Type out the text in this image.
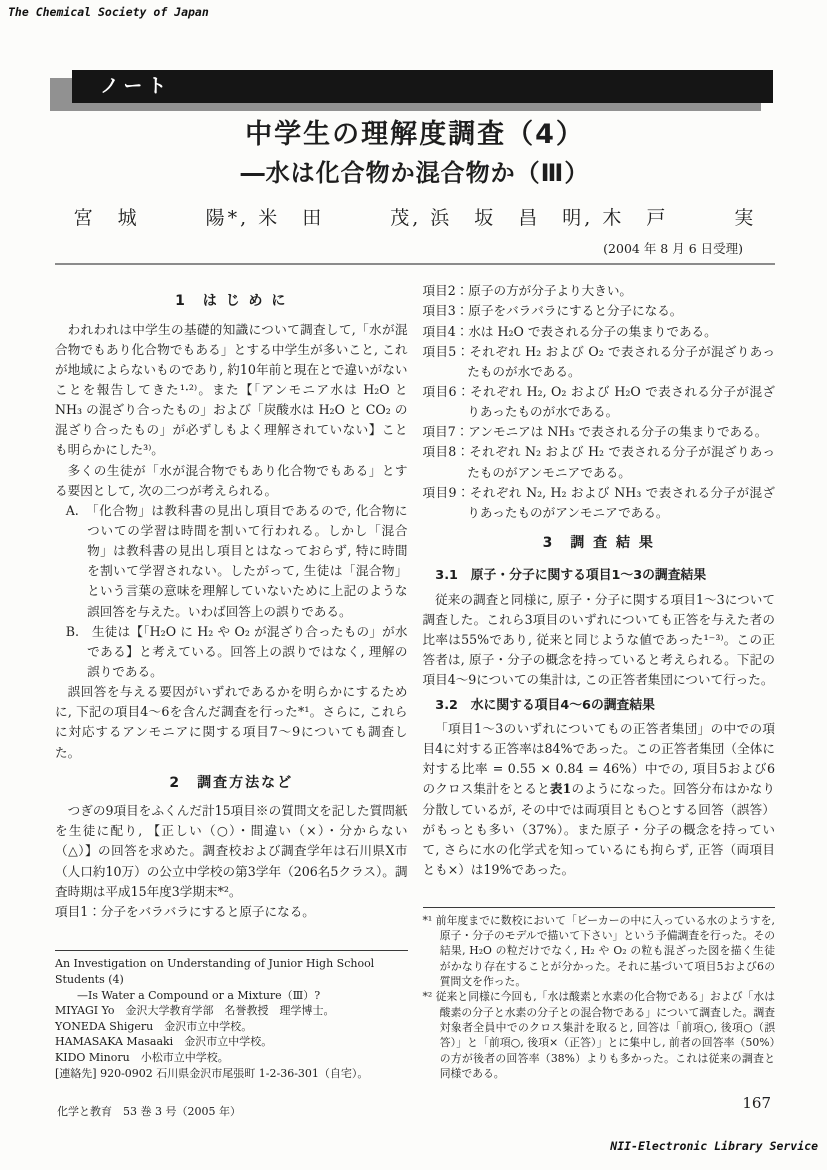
The Chemical Society of Japan
ノート
中学生の理解度調査（4）
―水は化合物か混合物か（Ⅲ）
宮　城　　　陽*, 米　田　　　茂, 浜　坂　昌　明, 木　戸　　　実
(2004 年 8 月 6 日受理)
1　は じ め に

われわれは中学生の基礎的知識について調査して,「水が混合物でもあり化合物でもある」とする中学生が多いこと, これが地域によらないものであり, 約10年前と現在とで違いがないことを報告してきた¹·²⁾。また【「アンモニア水は H₂O と NH₃ の混ざり合ったもの」および「炭酸水は H₂O と CO₂ の混ざり合ったもの」が必ずしもよく理解されていない】ことも明らかにした³⁾。

多くの生徒が「水が混合物でもあり化合物でもある」とする要因として, 次の二つが考えられる。

A.　「化合物」は教科書の見出し項目であるので, 化合物についての学習は時間を割いて行われる。しかし「混合物」は教科書の見出し項目とはなっておらず, 特に時間を割いて学習されない。したがって, 生徒は「混合物」という言葉の意味を理解していないために上記のような誤回答を与えた。いわば回答上の誤りである。

B.　生徒は【「H₂O に H₂ や O₂ が混ざり合ったもの」が水である】と考えている。回答上の誤りではなく, 理解の誤りである。

誤回答を与える要因がいずれであるかを明らかにするために, 下記の項目4～6を含んだ調査を行った*¹。さらに, これらに対応するアンモニアに関する項目7～9についても調査した。

2　調査方法など

つぎの9項目をふくんだ計15項目※の質問文を記した質問紙を生徒に配り, 【正しい（○）・間違い（×）・分からない（△）】の回答を求めた。調査校および調査学年は石川県X市（人口約10万）の公立中学校の第3学年（206名5クラス）。調査時期は平成15年度3学期末*²。

項目1：分子をバラバラにすると原子になる。

An Investigation on Understanding of Junior High School Students (4)
—Is Water a Compound or a Mixture（Ⅲ）?
MIYAGI Yo　金沢大学教育学部　名誉教授　理学博士。
YONEDA Shigeru　金沢市立中学校。
HAMASAKA Masaaki　金沢市立中学校。
KIDO Minoru　小松市立中学校。
[連絡先] 920-0902 石川県金沢市尾張町 1-2-36-301（自宅）。

項目2：原子の方が分子より大きい。

項目3：原子をバラバラにすると分子になる。

項目4：水は H₂O で表される分子の集まりである。

項目5：それぞれ H₂ および O₂ で表される分子が混ざりあったものが水である。

項目6：それぞれ H₂, O₂ および H₂O で表される分子が混ざりあったものが水である。

項目7：アンモニアは NH₃ で表される分子の集まりである。

項目8：それぞれ N₂ および H₂ で表される分子が混ざりあったものがアンモニアである。

項目9：それぞれ N₂, H₂ および NH₃ で表される分子が混ざりあったものがアンモニアである。

3　調 査 結 果
3.1　原子・分子に関する項目1～3の調査結果

従来の調査と同様に, 原子・分子に関する項目1～3について調査した。これら3項目のいずれについても正答を与えた者の比率は55%であり, 従来と同じような値であった¹⁻³⁾。この正答者は, 原子・分子の概念を持っていると考えられる。下記の項目4～9についての集計は, この正答者集団について行った。

3.2　水に関する項目4～6の調査結果

「項目1～3のいずれについてもの正答者集団」の中での項目4に対する正答率は84%であった。この正答者集団（全体に対する比率 = 0.55 × 0.84 = 46%）中での, 項目5および6のクロス集計をとると表1のようになった。回答分布はかなり分散しているが, その中では両項目とも○とする回答（誤答）がもっとも多い（37%）。また原子・分子の概念を持っていて, さらに水の化学式を知っているにも拘らず, 正答（両項目とも×）は19%であった。

*¹ 前年度までに数校において「ビーカーの中に入っている水のようすを, 原子・分子のモデルで描いて下さい」という予備調査を行った。その結果, H₂O の粒だけでなく, H₂ や O₂ の粒も混ざった図を描く生徒がかなり存在することが分かった。それに基づいて項目5および6の質問文を作った。

*² 従来と同様に今回も,「水は酸素と水素の化合物である」および「水は酸素の分子と水素の分子との混合物である」について調査した。調査対象者全員中でのクロス集計を取ると, 回答は「前項○, 後項○（誤答）」と「前項○, 後項×（正答）」とに集中し, 前者の回答率（50%）の方が後者の回答率（38%）よりも多かった。これは従来の調査と同様である。

化学と教育　53 巻 3 号（2005 年）	167
NII-Electronic Library Service
